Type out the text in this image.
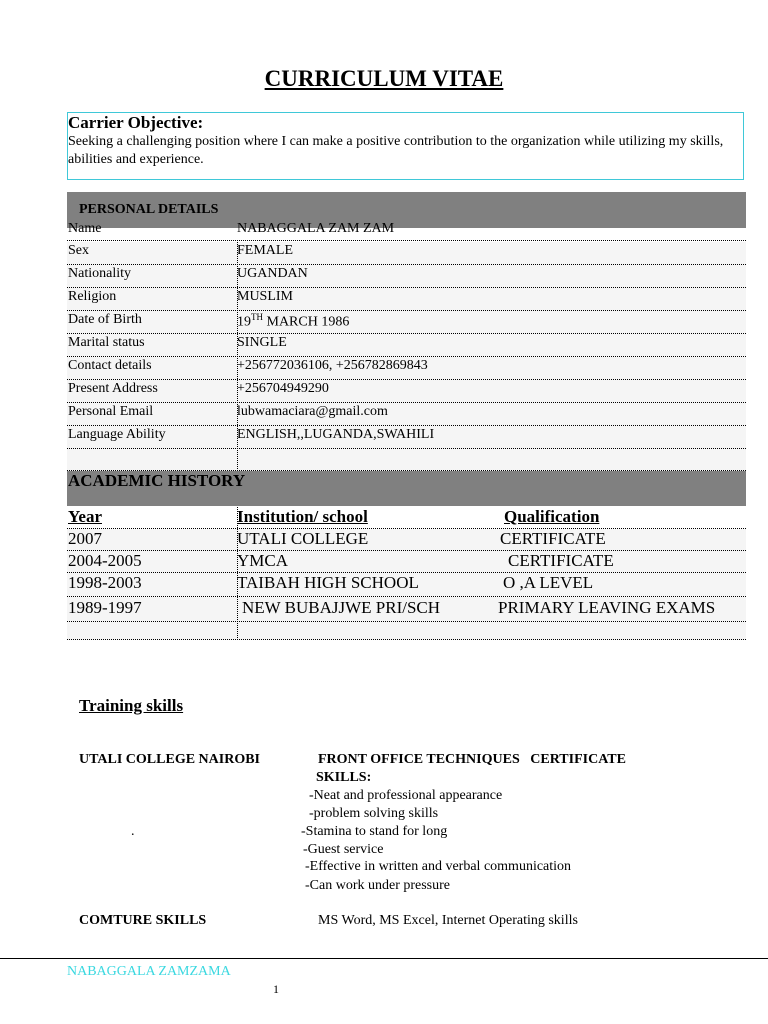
CURRICULUM VITAE
Carrier Objective:
Seeking a challenging position where I can make a positive contribution to the organization while utilizing my skills, abilities and experience.
PERSONAL DETAILS
Name	NABAGGALA ZAM ZAM
Sex	FEMALE
Nationality	UGANDAN
Religion	MUSLIM
Date of Birth	19TH MARCH 1986
Marital status	SINGLE
Contact details	+256772036106, +256782869843
Present Address	+256704949290
Personal Email	lubwamaciara@gmail.com
Language Ability	ENGLISH,,LUGANDA,SWAHILI
ACADEMIC HISTORY
Year	Institution/ school	Qualification
2007	UTALI COLLEGE	CERTIFICATE
2004-2005	YMCA	CERTIFICATE
1998-2003	TAIBAH HIGH SCHOOL	O ,A LEVEL
1989-1997	NEW BUBAJJWE PRI/SCH	PRIMARY LEAVING EXAMS
Training skills
UTALI COLLEGE NAIROBI	FRONT OFFICE TECHNIQUES   CERTIFICATE
SKILLS:
-Neat and professional appearance
-problem solving skills
.	-Stamina to stand for long
-Guest service
-Effective in written and verbal communication
-Can work under pressure
COMTURE SKILLS	MS Word, MS Excel, Internet Operating skills
NABAGGALA ZAMZAMA
1
